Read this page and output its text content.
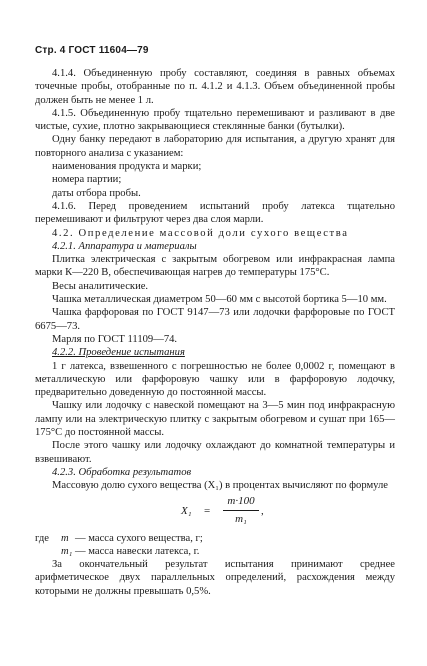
Стр. 4 ГОСТ 11604—79

4.1.4. Объединенную пробу составляют, соединяя в равных объемах точечные пробы, отобранные по п. 4.1.2 и 4.1.3. Объем объединенной пробы должен быть не менее 1 л.

4.1.5. Объединенную пробу тщательно перемешивают и разливают в две чистые, сухие, плотно закрывающиеся стеклянные банки (бутылки).

Одну банку передают в лабораторию для испытания, а другую хранят для повторного анализа с указанием:

наименования продукта и марки;

номера партии;

даты отбора пробы.

4.1.6. Перед проведением испытаний пробу латекса тщательно перемешивают и фильтруют через два слоя марли.

4.2. Определение массовой доли сухого вещества

4.2.1. Аппаратура и материалы

Плитка электрическая с закрытым обогревом или инфракрасная лампа марки К—220 В, обеспечивающая нагрев до температуры 175°С.

Весы аналитические.

Чашка металлическая диаметром 50—60 мм с высотой бортика 5—10 мм.

Чашка фарфоровая по ГОСТ 9147—73 или лодочки фарфоровые по ГОСТ 6675—73.

Марля по ГОСТ 11109—74.

4.2.2. Проведение испытания

1 г латекса, взвешенного с погрешностью не более 0,0002 г, помещают в металлическую или фарфоровую чашку или в фарфоровую лодочку, предварительно доведенную до постоянной массы.

Чашку или лодочку с навеской помещают на 3—5 мин под инфракрасную лампу или на электрическую плитку с закрытым обогревом и сушат при 165—175°С до постоянной массы.

После этого чашку или лодочку охлаждают до комнатной температуры и взвешивают.

4.2.3. Обработка результатов

Массовую долю сухого вещества (X₁) в процентах вычисляют по формуле

X₁ =
m·100
m₁
,
где	m — масса сухого вещества, г;
m₁ — масса навески латекса, г.

За окончательный результат испытания принимают среднее арифметическое двух параллельных определений, расхождения между которыми не должны превышать 0,5%.
